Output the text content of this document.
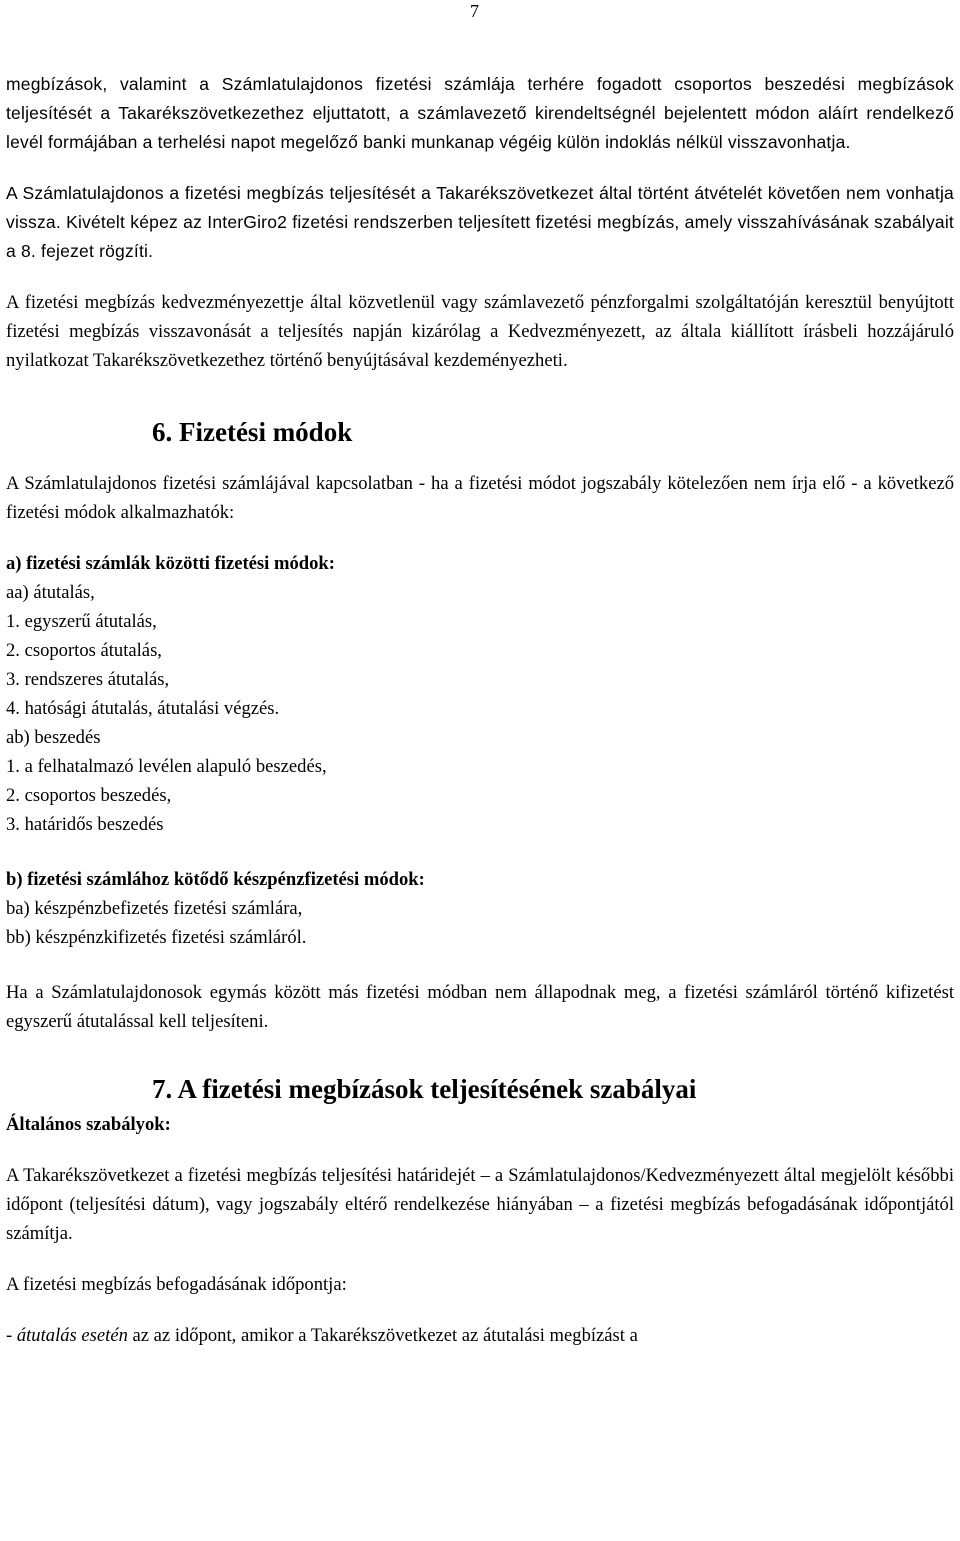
7

megbízások, valamint a Számlatulajdonos fizetési számlája terhére fogadott csoportos beszedési megbízások teljesítését a Takarékszövetkezethez eljuttatott, a számlavezető kirendeltségnél bejelentett módon aláírt rendelkező levél formájában a terhelési napot megelőző banki munkanap végéig külön indoklás nélkül visszavonhatja.

A Számlatulajdonos a fizetési megbízás teljesítését a Takarékszövetkezet által történt átvételét követően nem vonhatja vissza. Kivételt képez az InterGiro2 fizetési rendszerben teljesített fizetési megbízás, amely visszahívásának szabályait a 8. fejezet rögzíti.

A fizetési megbízás kedvezményezettje által közvetlenül vagy számlavezető pénzforgalmi szolgáltatóján keresztül benyújtott fizetési megbízás visszavonását a teljesítés napján kizárólag a Kedvezményezett, az általa kiállított írásbeli hozzájáruló nyilatkozat Takarékszövetkezethez történő benyújtásával kezdeményezheti.

6. Fizetési módok

A Számlatulajdonos fizetési számlájával kapcsolatban - ha a fizetési módot jogszabály kötelezően nem írja elő - a következő fizetési módok alkalmazhatók:

a) fizetési számlák közötti fizetési módok:
aa) átutalás,
1. egyszerű átutalás,
2. csoportos átutalás,
3. rendszeres átutalás,
4. hatósági átutalás, átutalási végzés.
ab) beszedés
1. a felhatalmazó levélen alapuló beszedés,
2. csoportos beszedés,
3. határidős beszedés
b) fizetési számlához kötődő készpénzfizetési módok:
ba) készpénzbefizetés fizetési számlára,
bb) készpénzkifizetés fizetési számláról.

Ha a Számlatulajdonosok egymás között más fizetési módban nem állapodnak meg, a fizetési számláról történő kifizetést egyszerű átutalással kell teljesíteni.

7. A fizetési megbízások teljesítésének szabályai

Általános szabályok:

A Takarékszövetkezet a fizetési megbízás teljesítési határidejét – a Számlatulajdonos/Kedvezményezett által megjelölt későbbi időpont (teljesítési dátum), vagy jogszabály eltérő rendelkezése hiányában – a fizetési megbízás befogadásának időpontjától számítja.

A fizetési megbízás befogadásának időpontja:

- átutalás esetén az az időpont, amikor a Takarékszövetkezet az átutalási megbízást a
